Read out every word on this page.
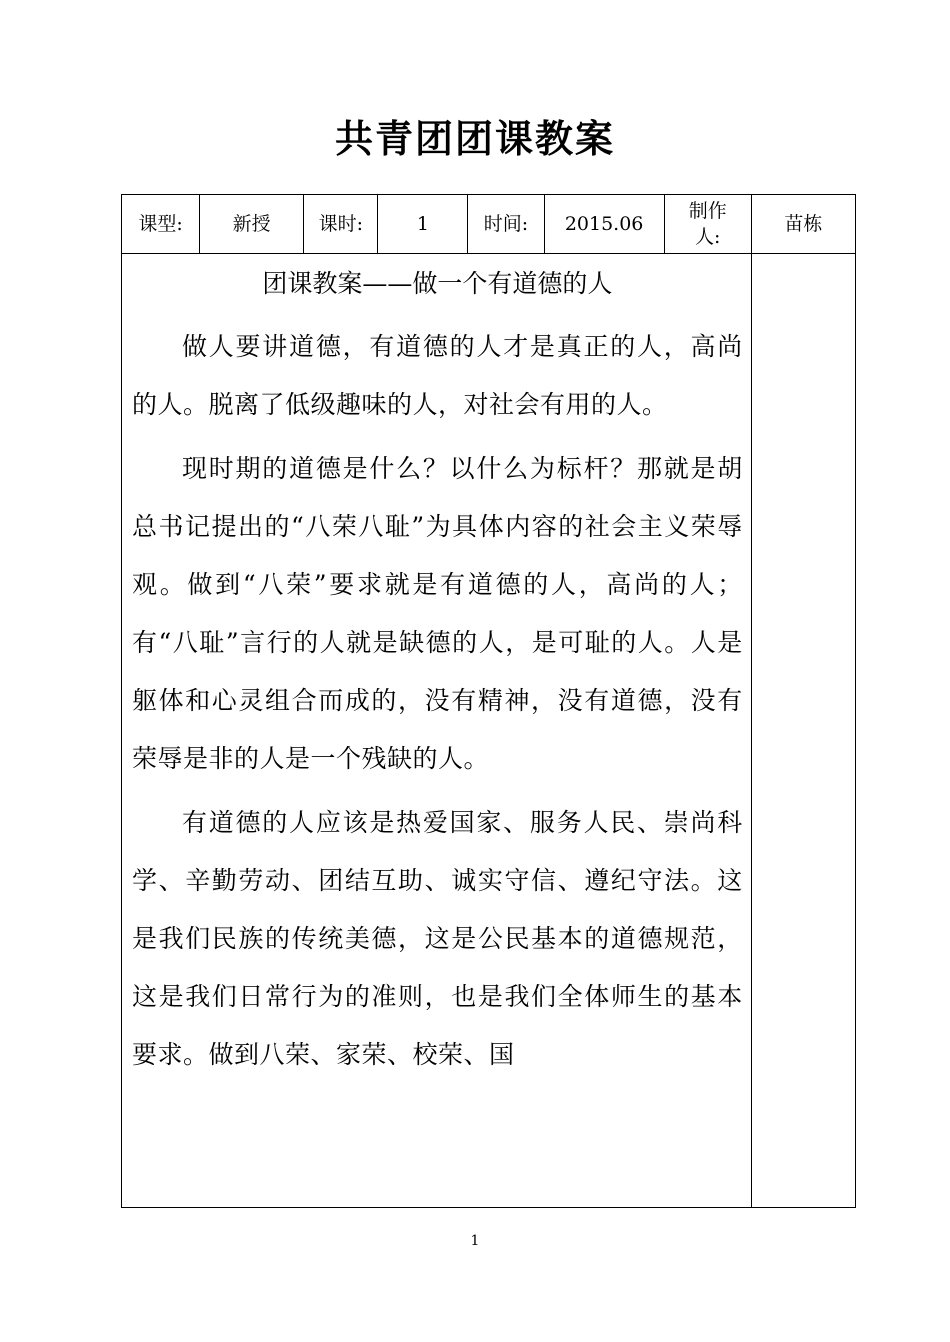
共青团团课教案
课型:	新授	课时:	1	时间:	2015.06	制作人:	苗栋

团课教案——做一个有道德的人

做人要讲道德，有道德的人才是真正的人，高尚的人。脱离了低级趣味的人，对社会有用的人。

现时期的道德是什么？以什么为标杆？那就是胡总书记提出的“八荣八耻”为具体内容的社会主义荣辱观。做到“八荣”要求就是有道德的人，高尚的人；有“八耻”言行的人就是缺德的人，是可耻的人。人是躯体和心灵组合而成的，没有精神，没有道德，没有荣辱是非的人是一个残缺的人。

有道德的人应该是热爱国家、服务人民、崇尚科学、辛勤劳动、团结互助、诚实守信、遵纪守法。这是我们民族的传统美德，这是公民基本的道德规范，这是我们日常行为的准则，也是我们全体师生的基本要求。做到八荣、家荣、校荣、国							

1
